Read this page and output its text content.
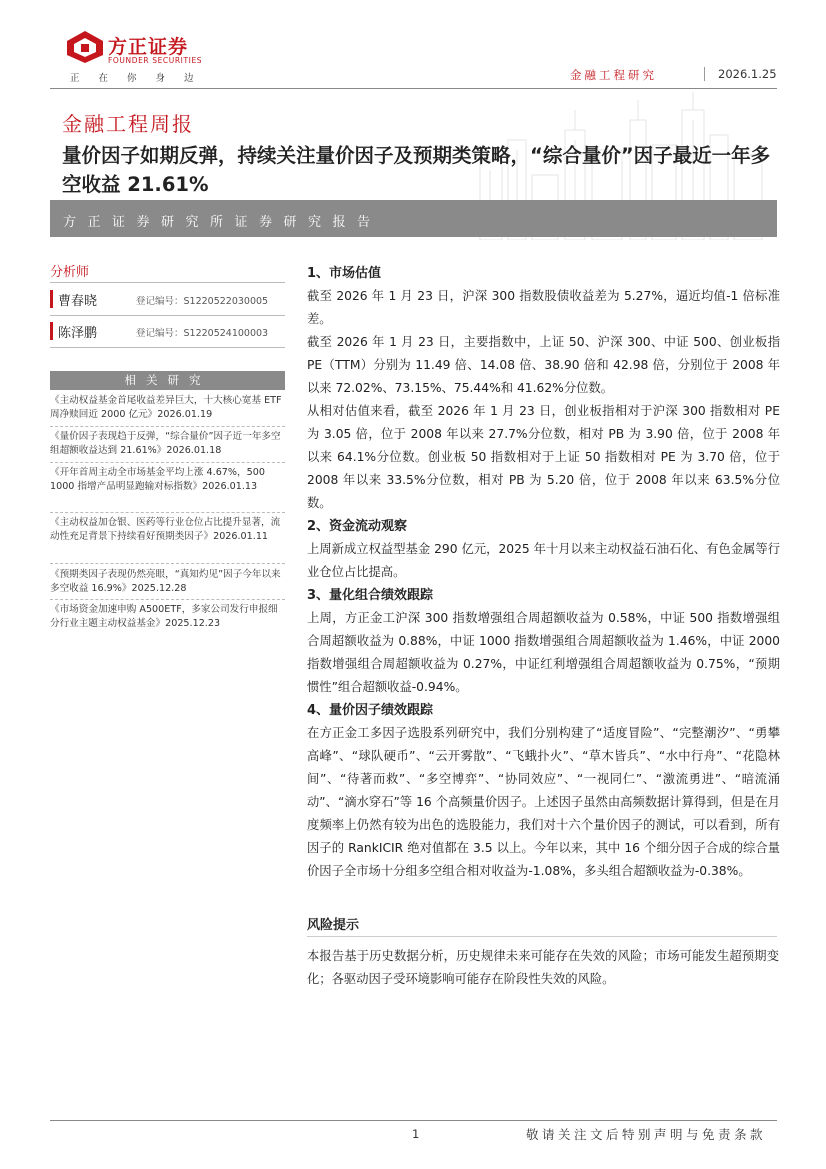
方正证券
FOUNDER SECURITIES
正在你身边	金融工程研究	2026.1.25
金融工程周报
量价因子如期反弹，持续关注量价因子及预期类策略，“综合量价”因子最近一年多空收益 21.61%
方正证券研究所证券研究报告
分析师
曹春晓	登记编号：S1220522030005
陈泽鹏	登记编号：S1220524100003
相关研究
《主动权益基金首尾收益差异巨大，十大核心宽基 ETF 周净赎回近 2000 亿元》2026.01.19
《量价因子表现趋于反弹，“综合量价”因子近一年多空组超额收益达到 21.61%》2026.01.18
《开年首周主动全市场基金平均上涨 4.67%，500 1000 指增产品明显跑输对标指数》2026.01.13
《主动权益加仓银、医药等行业仓位占比提升显著，流动性充足背景下持续看好预期类因子》2026.01.11
《预期类因子表现仍然亮眼，“真知灼见”因子今年以来多空收益 16.9%》2025.12.28
《市场资金加速申购 A500ETF，多家公司发行申报细分行业主题主动权益基金》2025.12.23
1、市场估值
截至 2026 年 1 月 23 日，沪深 300 指数股债收益差为 5.27%，逼近均值-1 倍标准差。
截至 2026 年 1 月 23 日，主要指数中，上证 50、沪深 300、中证 500、创业板指 PE（TTM）分别为 11.49 倍、14.08 倍、38.90 倍和 42.98 倍，分别位于 2008 年以来 72.02%、73.15%、75.44%和 41.62%分位数。
从相对估值来看，截至 2026 年 1 月 23 日，创业板指相对于沪深 300 指数相对 PE 为 3.05 倍，位于 2008 年以来 27.7%分位数，相对 PB 为 3.90 倍，位于 2008 年以来 64.1%分位数。创业板 50 指数相对于上证 50 指数相对 PE 为 3.70 倍，位于 2008 年以来 33.5%分位数，相对 PB 为 5.20 倍，位于 2008 年以来 63.5%分位数。
2、资金流动观察
上周新成立权益型基金 290 亿元，2025 年十月以来主动权益石油石化、有色金属等行业仓位占比提高。
3、量化组合绩效跟踪
上周，方正金工沪深 300 指数增强组合周超额收益为 0.58%，中证 500 指数增强组合周超额收益为 0.88%，中证 1000 指数增强组合周超额收益为 1.46%，中证 2000 指数增强组合周超额收益为 0.27%，中证红利增强组合周超额收益为 0.75%，“预期惯性”组合超额收益-0.94%。
4、量价因子绩效跟踪
在方正金工多因子选股系列研究中，我们分别构建了“适度冒险”、“完整潮汐”、“勇攀高峰”、“球队硬币”、“云开雾散”、“飞蛾扑火”、“草木皆兵”、“水中行舟”、“花隐林间”、“待著而救”、“多空博弈”、“协同效应”、“一视同仁”、“激流勇进”、“暗流涌动”、“滴水穿石”等 16 个高频量价因子。上述因子虽然由高频数据计算得到，但是在月度频率上仍然有较为出色的选股能力，我们对十六个量价因子的测试，可以看到，所有因子的 RankICIR 绝对值都在 3.5 以上。今年以来，其中 16 个细分因子合成的综合量价因子全市场十分组多空组合相对收益为-1.08%，多头组合超额收益为-0.38%。
风险提示
本报告基于历史数据分析，历史规律未来可能存在失效的风险；市场可能发生超预期变化；各驱动因子受环境影响可能存在阶段性失效的风险。
1	敬请关注文后特别声明与免责条款
